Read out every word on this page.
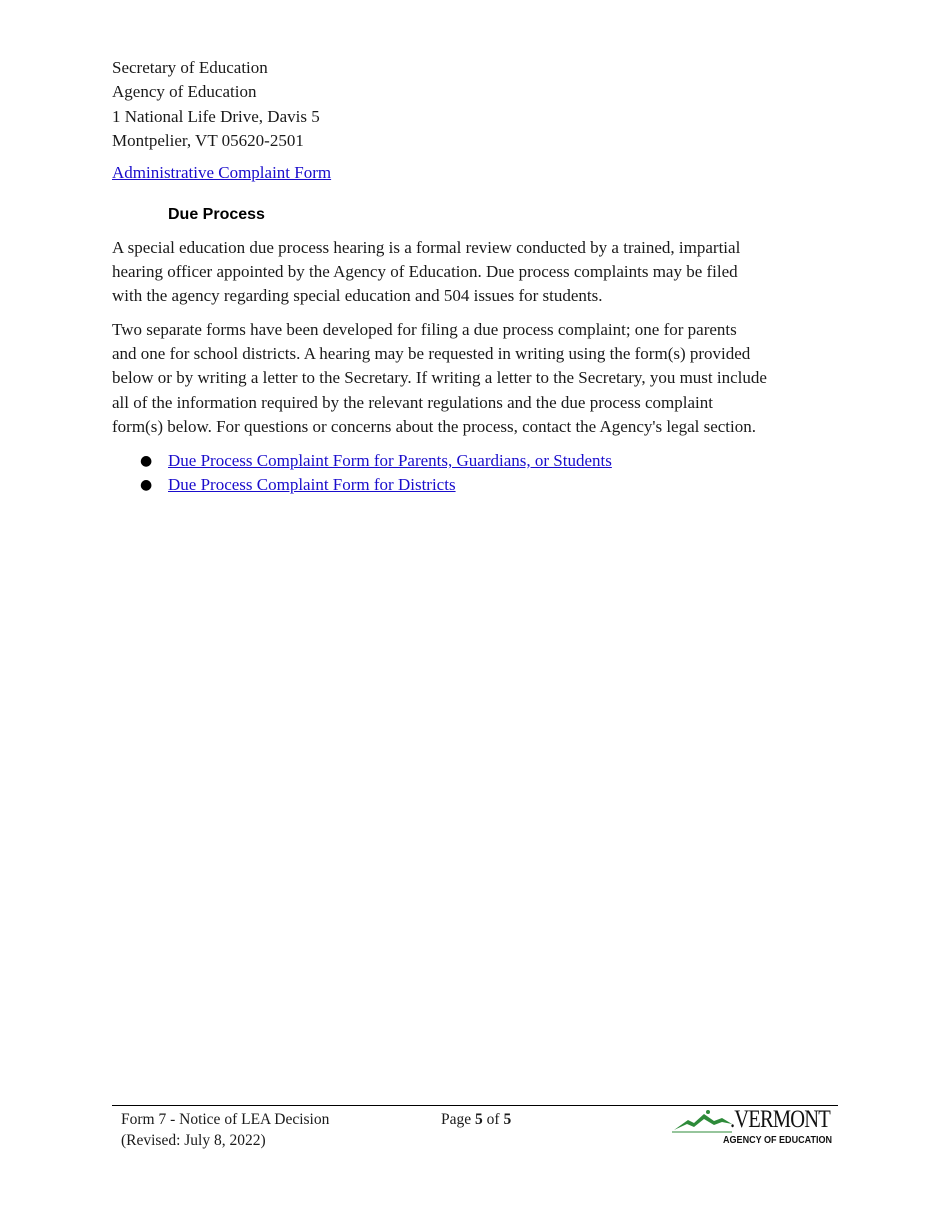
Secretary of Education
Agency of Education
1 National Life Drive, Davis 5
Montpelier, VT 05620-2501
Administrative Complaint Form
Due Process
A special education due process hearing is a formal review conducted by a trained, impartial
hearing officer appointed by the Agency of Education. Due process complaints may be filed
with the agency regarding special education and 504 issues for students.
Two separate forms have been developed for filing a due process complaint; one for parents
and one for school districts. A hearing may be requested in writing using the form(s) provided
below or by writing a letter to the Secretary. If writing a letter to the Secretary, you must include
all of the information required by the relevant regulations and the due process complaint
form(s) below. For questions or concerns about the process, contact the Agency's legal section.
● Due Process Complaint Form for Parents, Guardians, or Students
● Due Process Complaint Form for Districts
Form 7 - Notice of LEA Decision
(Revised: July 8, 2022)
Page 5 of 5	.VERMONT
AGENCY OF EDUCATION
